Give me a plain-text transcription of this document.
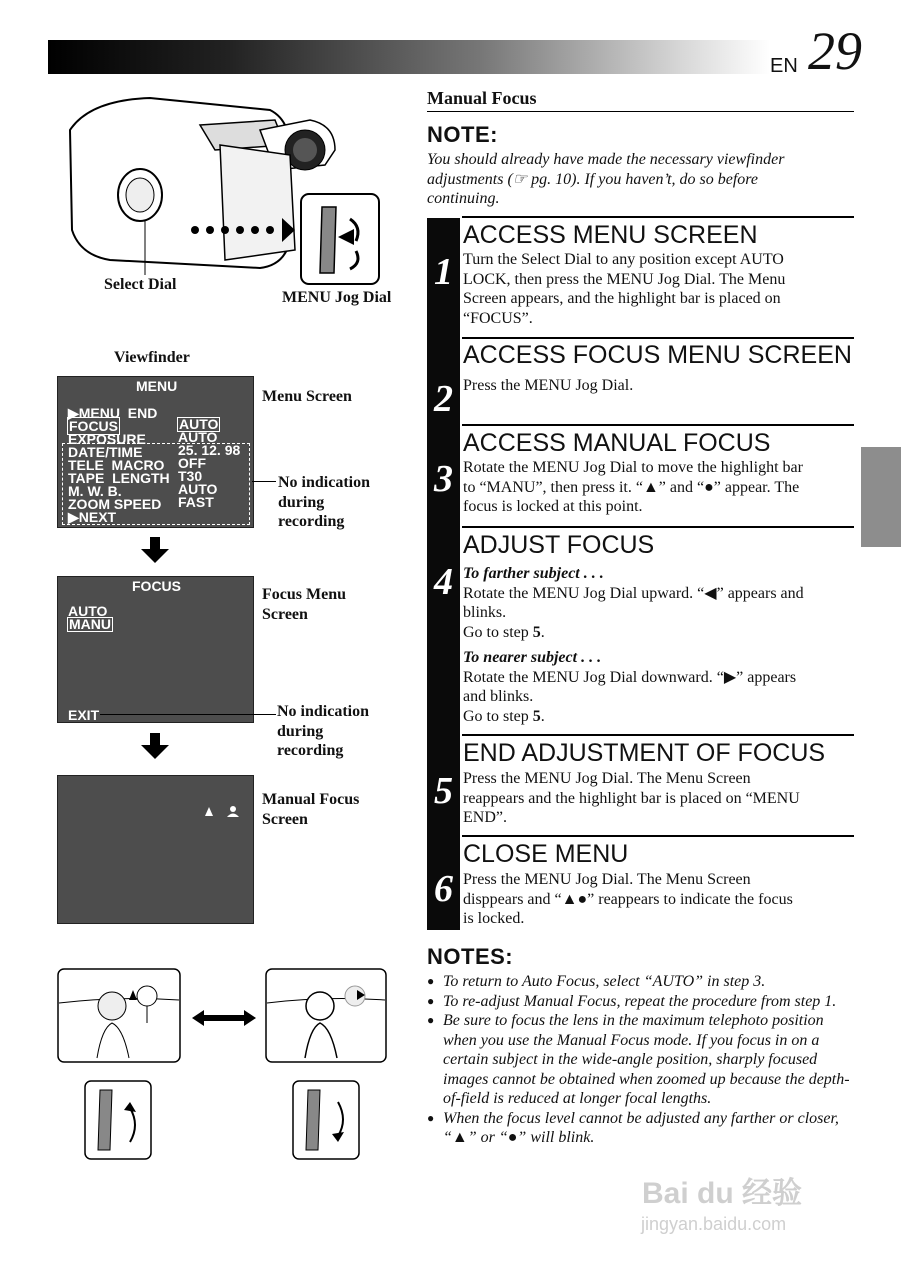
EN 29
Manual Focus
NOTE:
You should already have made the necessary viewfinder
adjustments (☞ pg. 10). If you haven’t, do so before
continuing.
1
ACCESS MENU SCREEN
Turn the Select Dial to any position except AUTO
LOCK, then press the MENU Jog Dial. The Menu
Screen appears, and the highlight bar is placed on
“FOCUS”.
2
ACCESS FOCUS MENU SCREEN
Press the MENU Jog Dial.
3
ACCESS MANUAL FOCUS
Rotate the MENU Jog Dial to move the highlight bar
to “MANU”, then press it. “▲” and “●” appear. The
focus is locked at this point.
4
ADJUST FOCUS
To farther subject . . .
Rotate the MENU Jog Dial upward. “◀” appears and
blinks.
Go to step 5.
To nearer subject . . .
Rotate the MENU Jog Dial downward. “▶” appears
and blinks.
Go to step 5.
5
END ADJUSTMENT OF FOCUS
Press the MENU Jog Dial. The Menu Screen
reappears and the highlight bar is placed on “MENU
END”.
6
CLOSE MENU
Press the MENU Jog Dial. The Menu Screen
disppears and “▲●” reappears to indicate the focus
is locked.
NOTES:
● To return to Auto Focus, select “AUTO” in step 3.
● To re-adjust Manual Focus, repeat the procedure from step 1.
● Be sure to focus the lens in the maximum telephoto position when you use the Manual Focus mode. If you focus in on a certain subject in the wide-angle position, sharply focused images cannot be obtained when zoomed up because the depth-of-field is reduced at longer focal lengths.
● When the focus level cannot be adjusted any farther or closer, “▲” or “●” will blink.
Select Dial
MENU Jog Dial
Viewfinder
MENU
▶MENU  END
FOCUS	AUTO
EXPOSURE AUTO
DATE/TIME	25. 12. 98
TELE  MACRO OFF
TAPE  LENGTH T30
M. W. B.	AUTO
ZOOM SPEED FAST
▶NEXT
Menu Screen
No indication
during
recording
FOCUS
AUTO
MANU
EXIT
Focus Menu
Screen
No indication
during
recording
Manual Focus
Screen
Bai du 经验
jingyan.baidu.com
